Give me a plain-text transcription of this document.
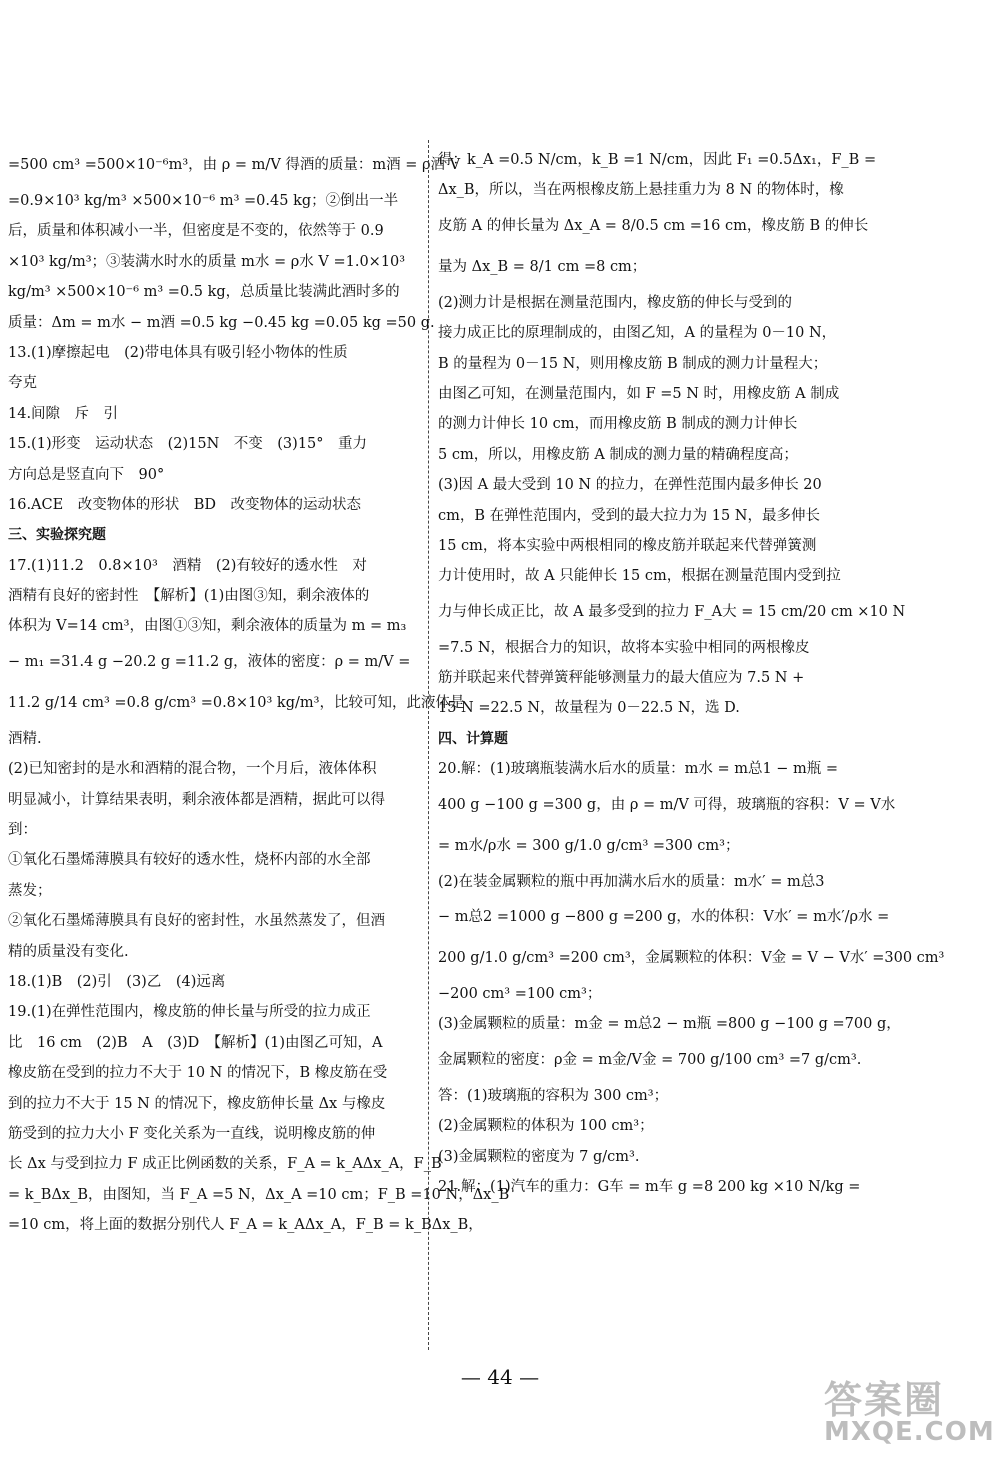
=500 cm³ =500×10⁻⁶m³，由 ρ = m/V 得酒的质量：m酒 = ρ酒 V
=0.9×10³ kg/m³ ×500×10⁻⁶ m³ =0.45 kg；②倒出一半
后，质量和体积减小一半，但密度是不变的，依然等于 0.9
×10³ kg/m³；③装满水时水的质量 m水 = ρ水 V =1.0×10³
kg/m³ ×500×10⁻⁶ m³ =0.5 kg，总质量比装满此酒时多的
质量：Δm = m水 − m酒 =0.5 kg −0.45 kg =0.05 kg =50 g.
13.(1)摩擦起电　(2)带电体具有吸引轻小物体的性质
夸克
14.间隙　斥　引
15.(1)形变　运动状态　(2)15N　不变　(3)15°　重力
方向总是竖直向下　90°
16.ACE　改变物体的形状　BD　改变物体的运动状态
三、实验探究题
17.(1)11.2　0.8×10³　酒精　(2)有较好的透水性　对
酒精有良好的密封性　【解析】(1)由图③知，剩余液体的
体积为 V=14 cm³，由图①③知，剩余液体的质量为 m = m₃
− m₁ =31.4 g −20.2 g =11.2 g，液体的密度：ρ = m/V =
11.2 g/14 cm³ =0.8 g/cm³ =0.8×10³ kg/m³，比较可知，此液体是
酒精.
(2)已知密封的是水和酒精的混合物，一个月后，液体体积
明显减小，计算结果表明，剩余液体都是酒精，据此可以得
到：
①氧化石墨烯薄膜具有较好的透水性，烧杯内部的水全部
蒸发；
②氧化石墨烯薄膜具有良好的密封性，水虽然蒸发了，但酒
精的质量没有变化.
18.(1)B　(2)引　(3)乙　(4)远离
19.(1)在弹性范围内，橡皮筋的伸长量与所受的拉力成正
比　16 cm　(2)B　A　(3)D　【解析】(1)由图乙可知，A
橡皮筋在受到的拉力不大于 10 N 的情况下，B 橡皮筋在受
到的拉力不大于 15 N 的情况下，橡皮筋伸长量 Δx 与橡皮
筋受到的拉力大小 F 变化关系为一直线，说明橡皮筋的伸
长 Δx 与受到拉力 F 成正比例函数的关系，F_A = k_AΔx_A，F_B
= k_BΔx_B，由图知，当 F_A =5 N，Δx_A =10 cm；F_B =10 N，Δx_B
=10 cm，将上面的数据分别代人 F_A = k_AΔx_A，F_B = k_BΔx_B，
得：k_A =0.5 N/cm，k_B =1 N/cm，因此 F₁ =0.5Δx₁，F_B =
Δx_B，所以，当在两根橡皮筋上悬挂重力为 8 N 的物体时，橡
皮筋 A 的伸长量为 Δx_A = 8/0.5 cm =16 cm，橡皮筋 B 的伸长
量为 Δx_B = 8/1 cm =8 cm；
(2)测力计是根据在测量范围内，橡皮筋的伸长与受到的
接力成正比的原理制成的，由图乙知，A 的量程为 0－10 N，
B 的量程为 0－15 N，则用橡皮筋 B 制成的测力计量程大；
由图乙可知，在测量范围内，如 F =5 N 时，用橡皮筋 A 制成
的测力计伸长 10 cm，而用橡皮筋 B 制成的测力计伸长
5 cm，所以，用橡皮筋 A 制成的测力量的精确程度高；
(3)因 A 最大受到 10 N 的拉力，在弹性范围内最多伸长 20
cm，B 在弹性范围内，受到的最大拉力为 15 N，最多伸长
15 cm，将本实验中两根相同的橡皮筋并联起来代替弹簧测
力计使用时，故 A 只能伸长 15 cm，根据在测量范围内受到拉
力与伸长成正比，故 A 最多受到的拉力 F_A大 = 15 cm/20 cm ×10 N
=7.5 N，根据合力的知识，故将本实验中相同的两根橡皮
筋并联起来代替弹簧秤能够测量力的最大值应为 7.5 N +
15 N =22.5 N，故量程为 0－22.5 N，选 D.
四、计算题
20.解：(1)玻璃瓶装满水后水的质量：m水 = m总1 − m瓶 =
400 g −100 g =300 g，由 ρ = m/V 可得，玻璃瓶的容积：V = V水
= m水/ρ水 = 300 g/1.0 g/cm³ =300 cm³；
(2)在装金属颗粒的瓶中再加满水后水的质量：m水′ = m总3
− m总2 =1000 g −800 g =200 g，水的体积：V水′ = m水′/ρ水 =
200 g/1.0 g/cm³ =200 cm³，金属颗粒的体积：V金 = V − V水′ =300 cm³
−200 cm³ =100 cm³；
(3)金属颗粒的质量：m金 = m总2 − m瓶 =800 g −100 g =700 g，
金属颗粒的密度：ρ金 = m金/V金 = 700 g/100 cm³ =7 g/cm³.
答：(1)玻璃瓶的容积为 300 cm³；
(2)金属颗粒的体积为 100 cm³；
(3)金属颗粒的密度为 7 g/cm³.
21.解：(1)汽车的重力：G车 = m车 g =8 200 kg ×10 N/kg =
— 44 —
答案圈
MXQE.COM
